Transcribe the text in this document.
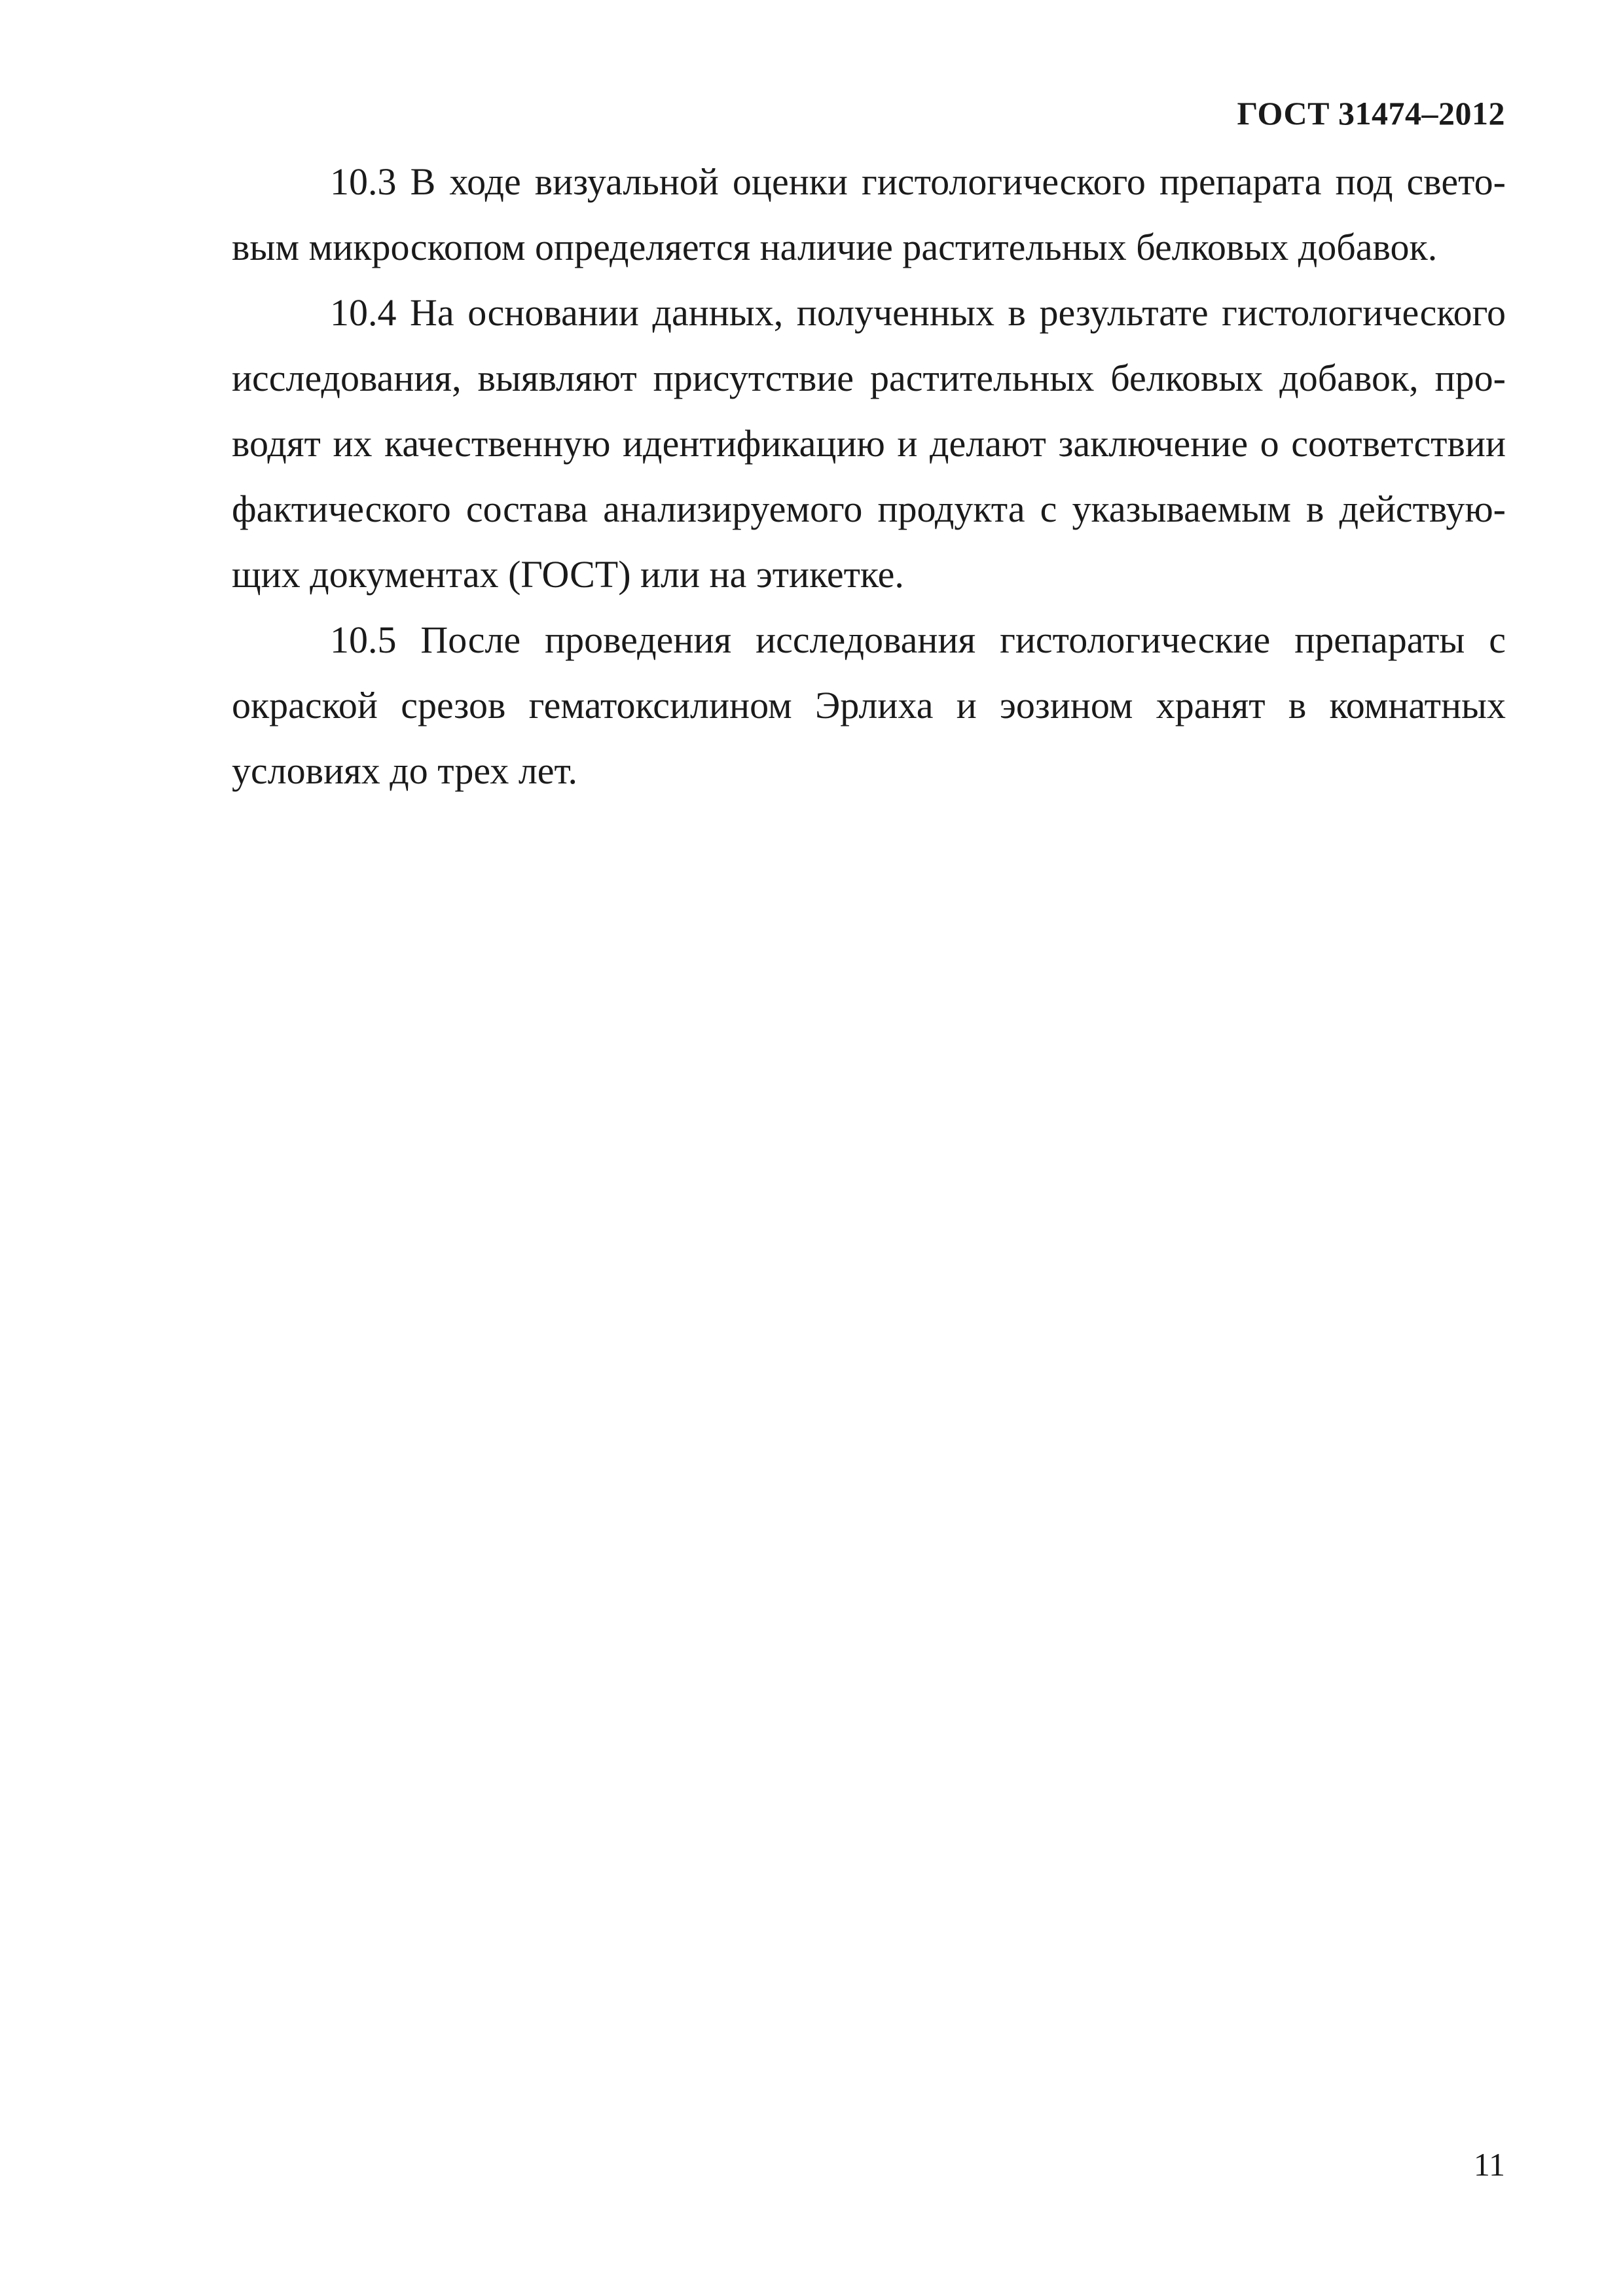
ГОСТ 31474–2012

10.3 В ходе визуальной оценки гистологического препарата под свето-вым микроскопом определяется наличие растительных белковых добавок.

10.4 На основании данных, полученных в результате гистологического исследования, выявляют присутствие растительных белковых добавок, про-водят их качественную идентификацию и делают заключение о соответствии фактического состава анализируемого продукта с указываемым в действую-щих документах (ГОСТ) или на этикетке.

10.5 После проведения исследования гистологические препараты с окраской срезов гематоксилином Эрлиха и эозином хранят в комнатных условиях до трех лет.

11
